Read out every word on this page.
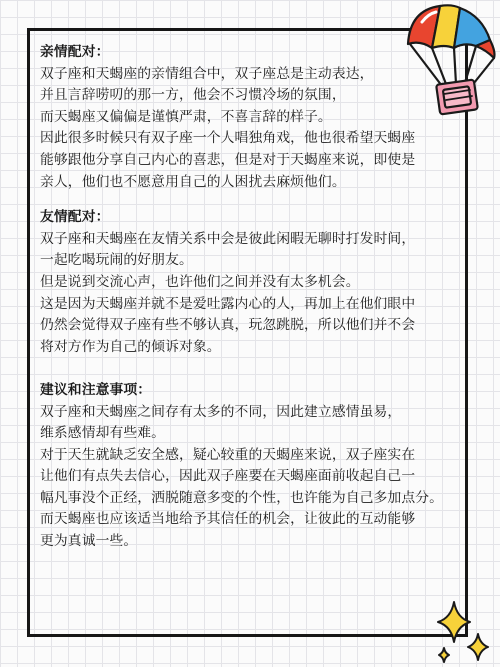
亲情配对：
双子座和天蝎座的亲情组合中，双子座总是主动表达，
并且言辞唠叨的那一方，他会不习惯冷场的氛围，
而天蝎座又偏偏是谨慎严肃，不喜言辞的样子。
因此很多时候只有双子座一个人唱独角戏，他也很希望天蝎座
能够跟他分享自己内心的喜悲，但是对于天蝎座来说，即使是
亲人，他们也不愿意用自己的人困扰去麻烦他们。
友情配对：
双子座和天蝎座在友情关系中会是彼此闲暇无聊时打发时间，
一起吃喝玩闹的好朋友。
但是说到交流心声，也许他们之间并没有太多机会。
这是因为天蝎座并就不是爱吐露内心的人，再加上在他们眼中
仍然会觉得双子座有些不够认真，玩忽跳脱，所以他们并不会
将对方作为自己的倾诉对象。
建议和注意事项：
双子座和天蝎座之间存有太多的不同，因此建立感情虽易，
维系感情却有些难。
对于天生就缺乏安全感，疑心较重的天蝎座来说，双子座实在
让他们有点失去信心，因此双子座要在天蝎座面前收起自己一
幅凡事没个正经，洒脱随意多变的个性，也许能为自己多加点分。
而天蝎座也应该适当地给予其信任的机会，让彼此的互动能够
更为真诚一些。
